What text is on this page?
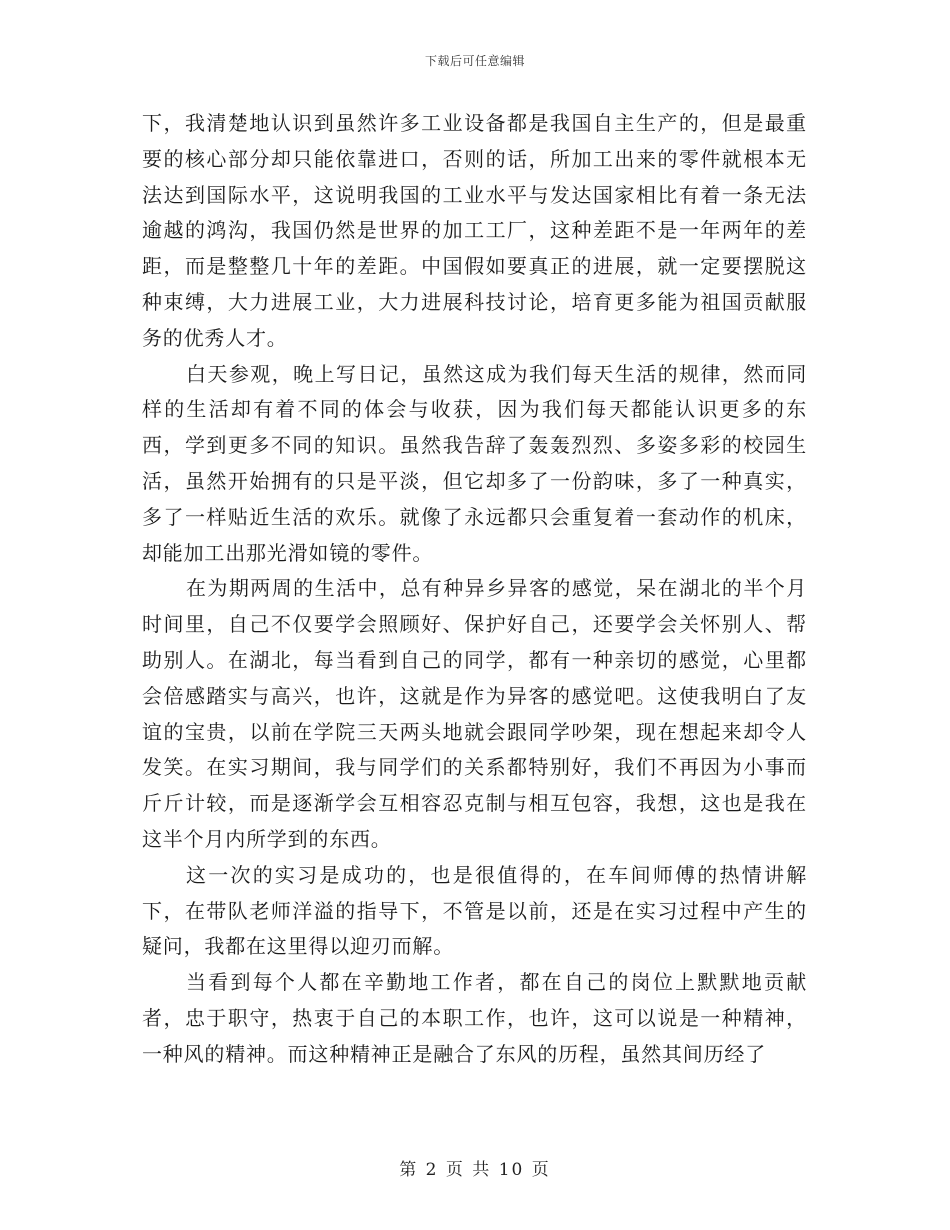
下载后可任意编辑

下，我清楚地认识到虽然许多工业设备都是我国自主生产的，但是最重要的核心部分却只能依靠进口，否则的话，所加工出来的零件就根本无法达到国际水平，这说明我国的工业水平与发达国家相比有着一条无法逾越的鸿沟，我国仍然是世界的加工工厂，这种差距不是一年两年的差距，而是整整几十年的差距。中国假如要真正的进展，就一定要摆脱这种束缚，大力进展工业，大力进展科技讨论，培育更多能为祖国贡献服务的优秀人才。

白天参观，晚上写日记，虽然这成为我们每天生活的规律，然而同样的生活却有着不同的体会与收获，因为我们每天都能认识更多的东西，学到更多不同的知识。虽然我告辞了轰轰烈烈、多姿多彩的校园生活，虽然开始拥有的只是平淡，但它却多了一份韵味，多了一种真实，多了一样贴近生活的欢乐。就像了永远都只会重复着一套动作的机床，却能加工出那光滑如镜的零件。

在为期两周的生活中，总有种异乡异客的感觉，呆在湖北的半个月时间里，自己不仅要学会照顾好、保护好自己，还要学会关怀别人、帮助别人。在湖北，每当看到自己的同学，都有一种亲切的感觉，心里都会倍感踏实与高兴，也许，这就是作为异客的感觉吧。这使我明白了友谊的宝贵，以前在学院三天两头地就会跟同学吵架，现在想起来却令人发笑。在实习期间，我与同学们的关系都特别好，我们不再因为小事而斤斤计较，而是逐渐学会互相容忍克制与相互包容，我想，这也是我在这半个月内所学到的东西。

这一次的实习是成功的，也是很值得的，在车间师傅的热情讲解下，在带队老师洋溢的指导下，不管是以前，还是在实习过程中产生的疑问，我都在这里得以迎刃而解。

当看到每个人都在辛勤地工作者，都在自己的岗位上默默地贡献者，忠于职守，热衷于自己的本职工作，也许，这可以说是一种精神，一种风的精神。而这种精神正是融合了东风的历程，虽然其间历经了

第 2 页 共 10 页
